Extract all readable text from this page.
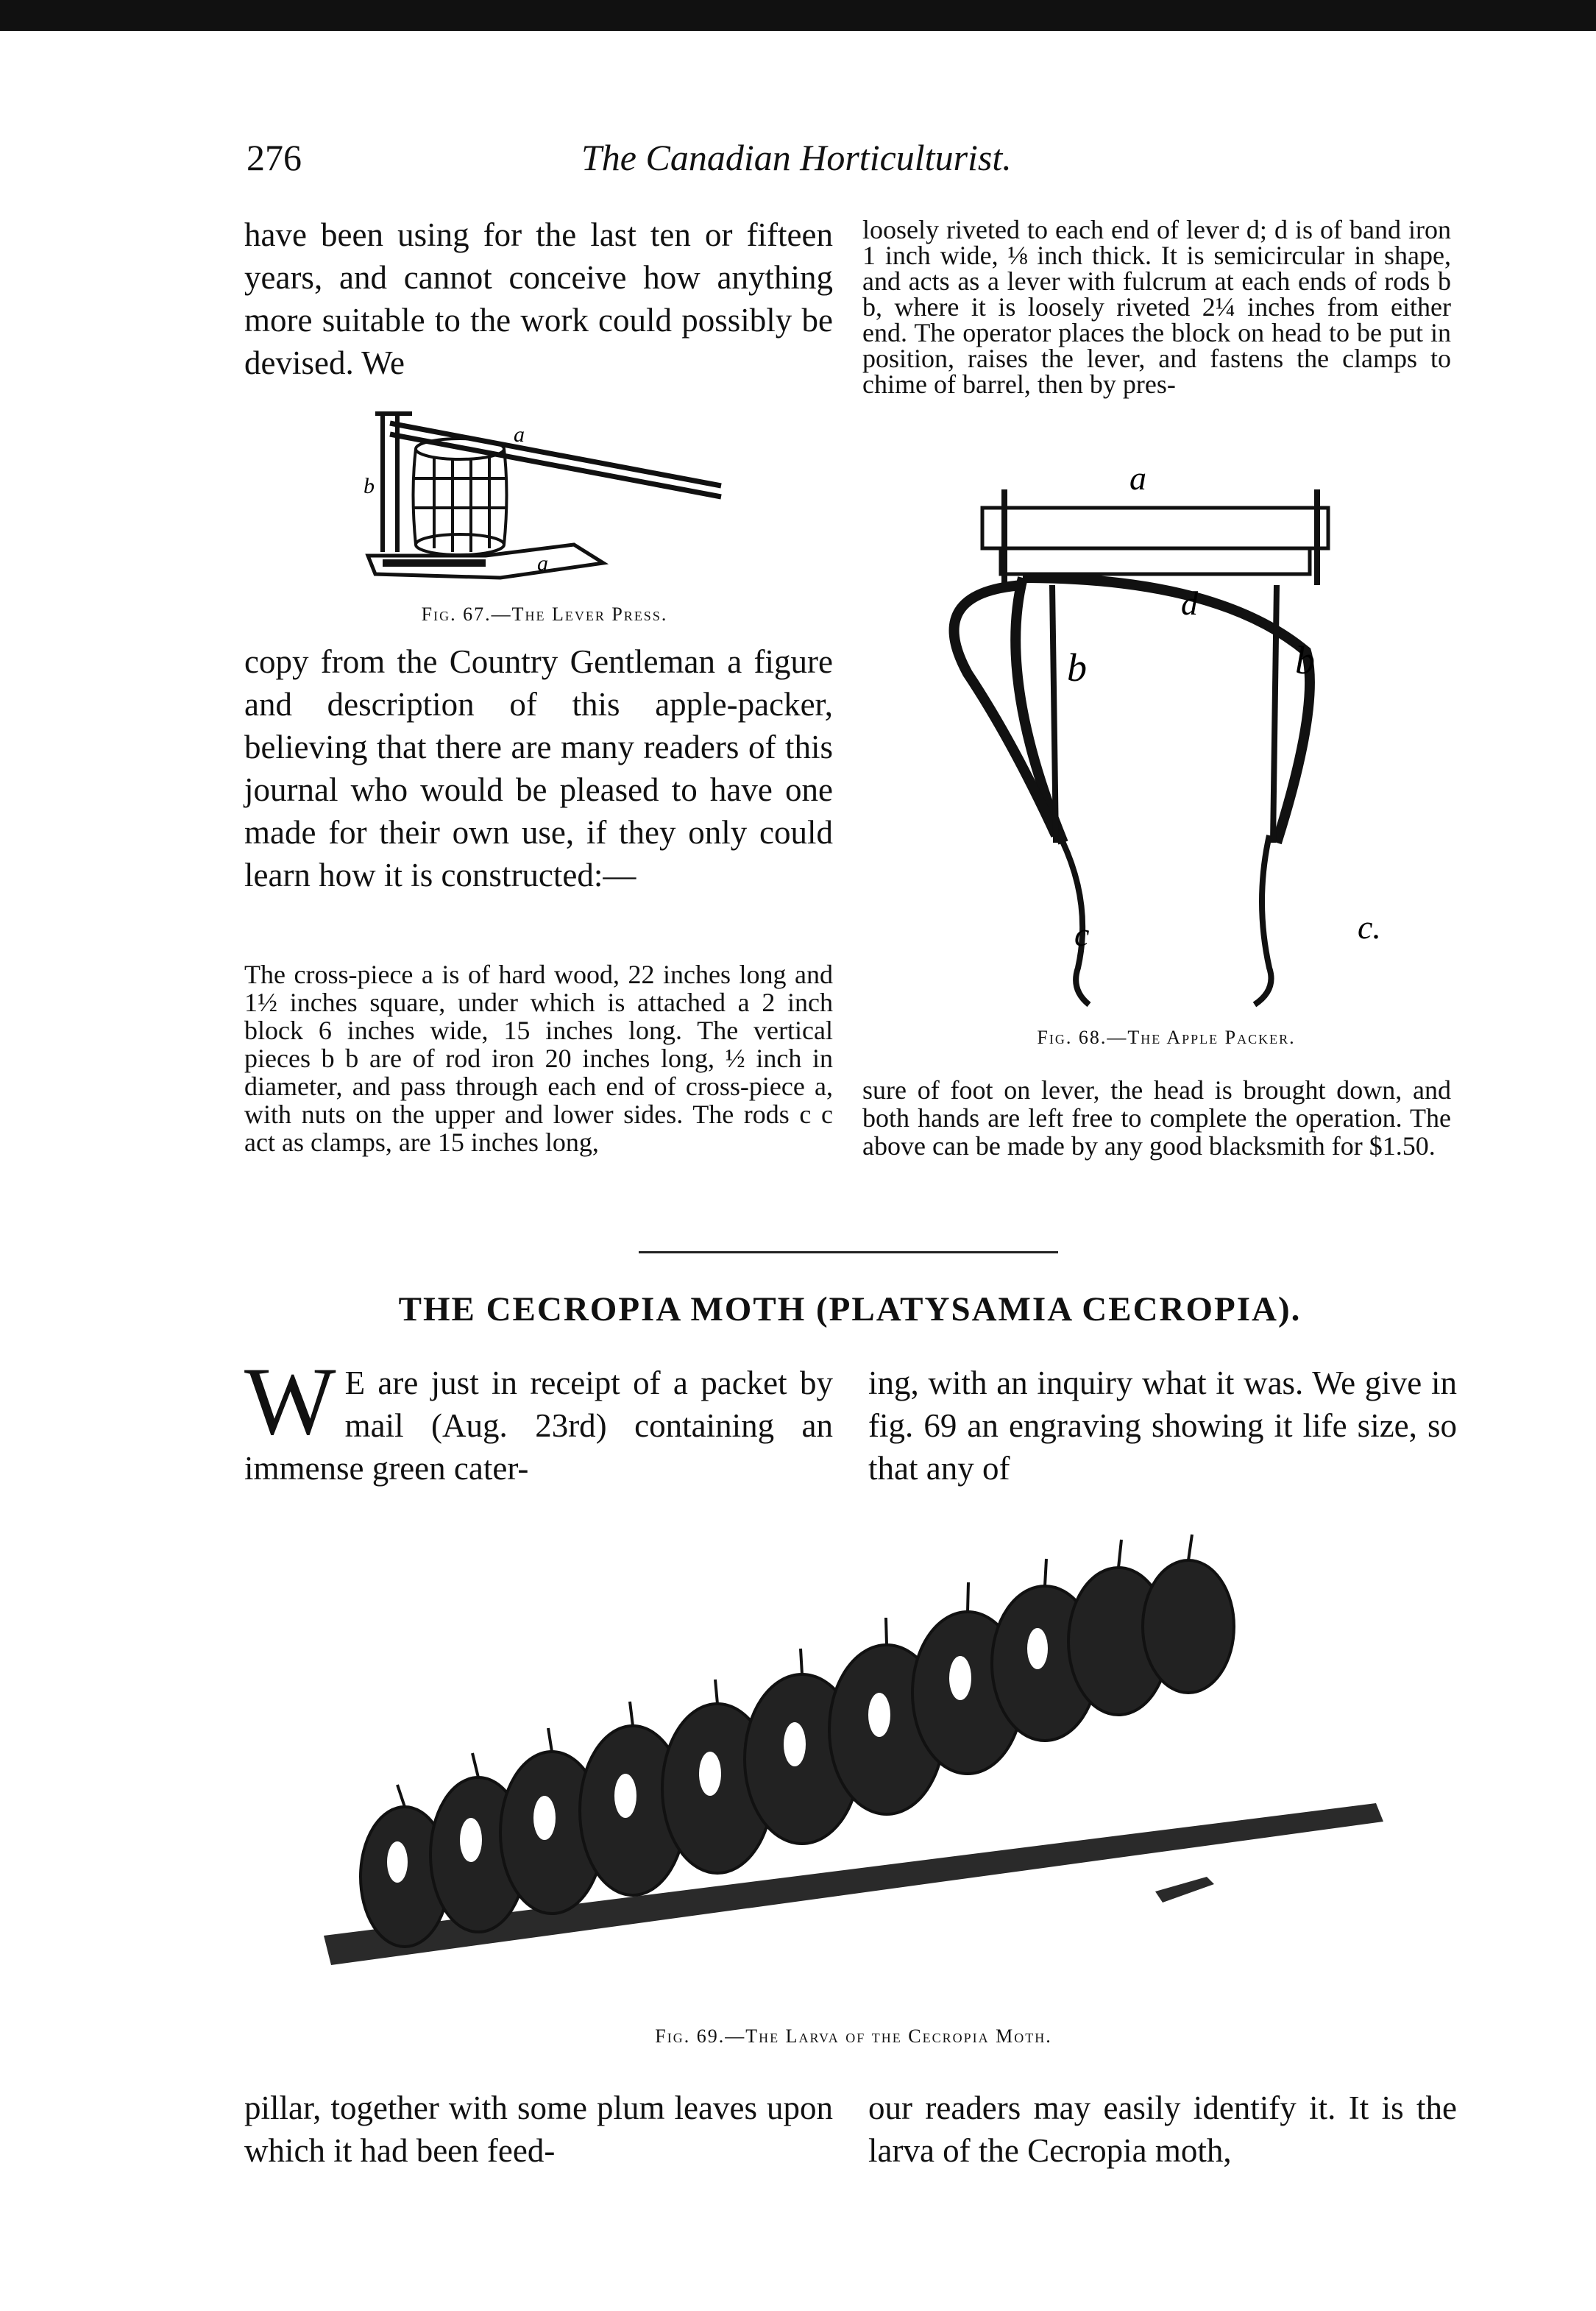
276	The Canadian Horticulturist.

have been using for the last ten or fifteen years, and cannot conceive how anything more suitable to the work could possibly be devised. We

a
a
b
Fig. 67.—The Lever Press.

copy from the Country Gentleman a figure and description of this apple-packer, believing that there are many readers of this journal who would be pleased to have one made for their own use, if they only could learn how it is constructed:—

The cross-piece a is of hard wood, 22 inches long and 1½ inches square, under which is attached a 2 inch block 6 inches wide, 15 inches long. The vertical pieces b b are of rod iron 20 inches long, ½ inch in diameter, and pass through each end of cross-piece a, with nuts on the upper and lower sides. The rods c c act as clamps, are 15 inches long,

loosely riveted to each end of lever d; d is of band iron 1 inch wide, ⅛ inch thick. It is semicircular in shape, and acts as a lever with fulcrum at each ends of rods b b, where it is loosely riveted 2¼ inches from either end. The operator places the block on head to be put in position, raises the lever, and fastens the clamps to chime of barrel, then by pres-

a
d
b	b
c	c.
Fig. 68.—The Apple Packer.

sure of foot on lever, the head is brought down, and both hands are left free to complete the operation. The above can be made by any good blacksmith for $1.50.

THE CECROPIA MOTH (PLATYSAMIA CECROPIA).

W E are just in receipt of a packet by mail (Aug. 23rd) containing an immense green cater-

ing, with an inquiry what it was. We give in fig. 69 an engraving showing it life size, so that any of

Fig. 69.—The Larva of the Cecropia Moth.

pillar, together with some plum leaves upon which it had been feed-

our readers may easily identify it. It is the larva of the Cecropia moth,
